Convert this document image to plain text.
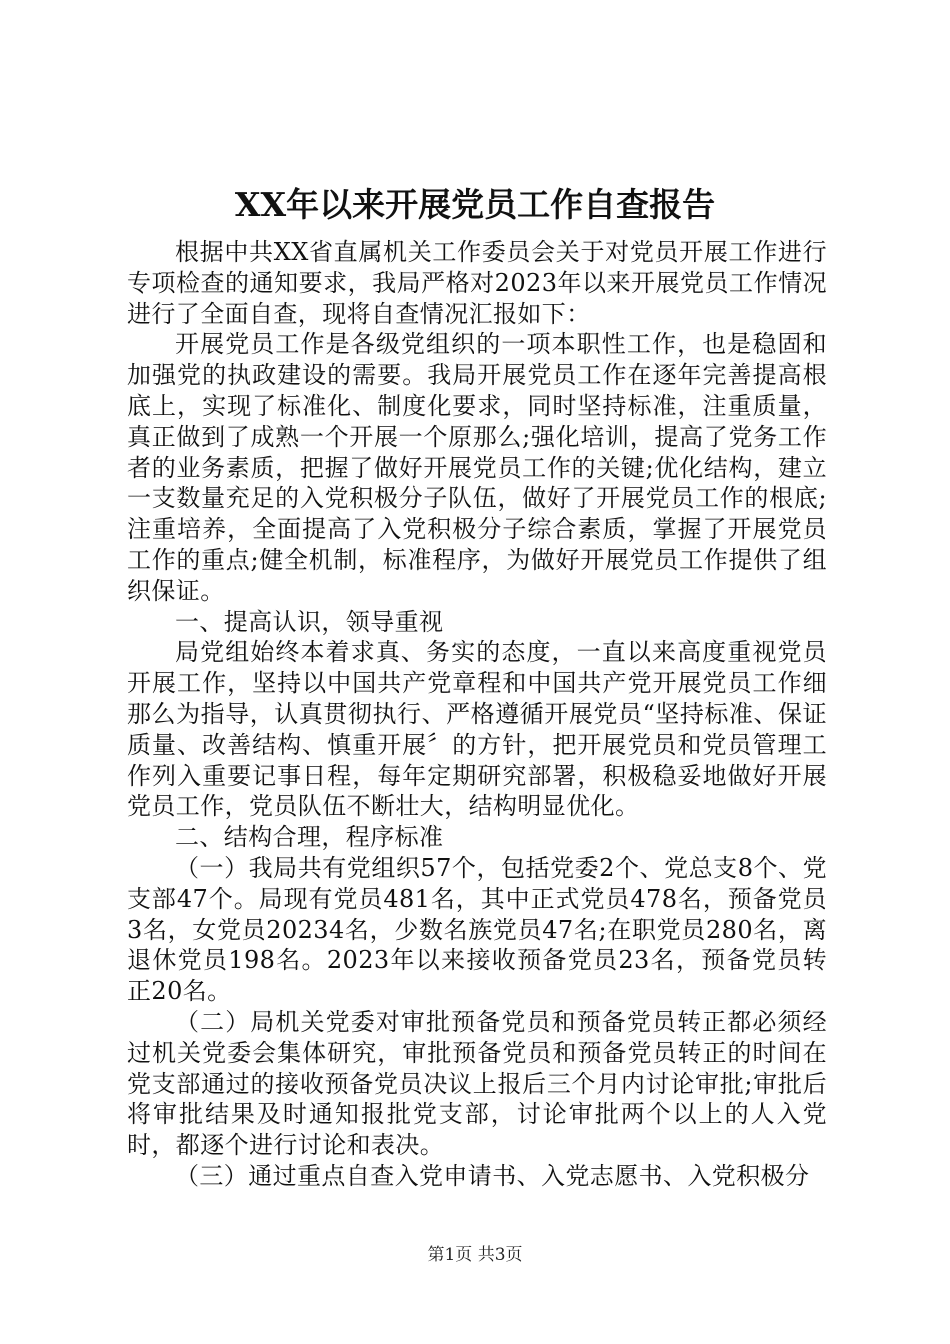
XX年以来开展党员工作自查报告

根据中共XX省直属机关工作委员会关于对党员开展工作进行专项检查的通知要求，我局严格对2023年以来开展党员工作情况进行了全面自查，现将自查情况汇报如下：

开展党员工作是各级党组织的一项本职性工作，也是稳固和加强党的执政建设的需要。我局开展党员工作在逐年完善提高根底上，实现了标准化、制度化要求，同时坚持标准，注重质量，真正做到了成熟一个开展一个原那么;强化培训，提高了党务工作者的业务素质，把握了做好开展党员工作的关键;优化结构，建立一支数量充足的入党积极分子队伍，做好了开展党员工作的根底;注重培养，全面提高了入党积极分子综合素质，掌握了开展党员工作的重点;健全机制，标准程序，为做好开展党员工作提供了组织保证。

一、提高认识，领导重视

局党组始终本着求真、务实的态度，一直以来高度重视党员开展工作，坚持以中国共产党章程和中国共产党开展党员工作细那么为指导，认真贯彻执行、严格遵循开展党员“坚持标准、保证质量、改善结构、慎重开展〞的方针，把开展党员和党员管理工作列入重要记事日程，每年定期研究部署，积极稳妥地做好开展党员工作，党员队伍不断壮大，结构明显优化。

二、结构合理，程序标准

（一）我局共有党组织57个，包括党委2个、党总支8个、党支部47个。局现有党员481名，其中正式党员478名，预备党员3名，女党员20234名，少数名族党员47名;在职党员280名，离退休党员198名。2023年以来接收预备党员23名，预备党员转正20名。

（二）局机关党委对审批预备党员和预备党员转正都必须经过机关党委会集体研究，审批预备党员和预备党员转正的时间在党支部通过的接收预备党员决议上报后三个月内讨论审批;审批后将审批结果及时通知报批党支部，讨论审批两个以上的人入党时，都逐个进行讨论和表决。

（三）通过重点自查入党申请书、入党志愿书、入党积极分

第1页 共3页
